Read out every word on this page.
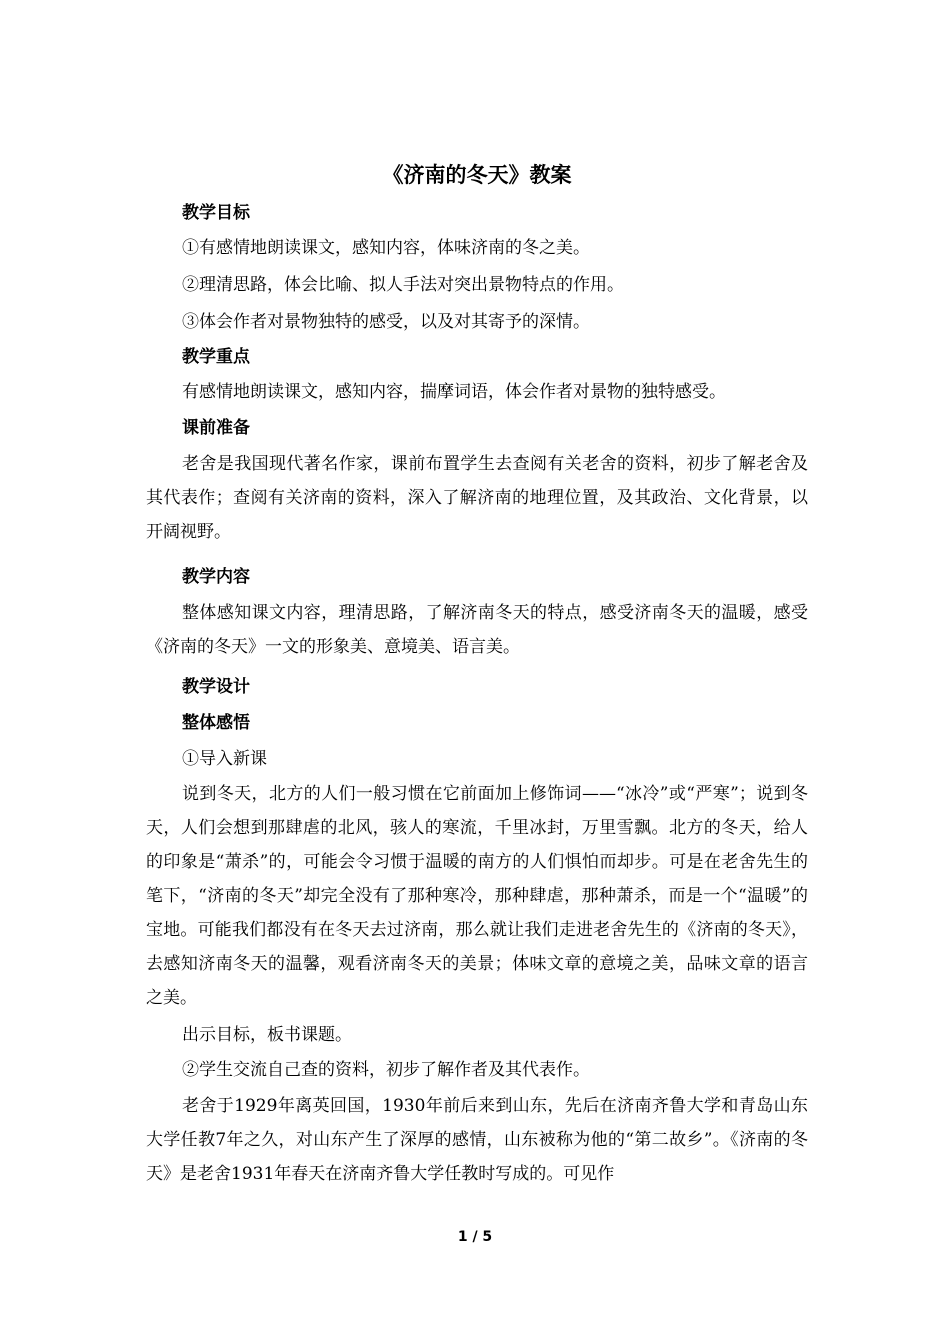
《济南的冬天》教案

教学目标

①有感情地朗读课文，感知内容，体味济南的冬之美。

②理清思路，体会比喻、拟人手法对突出景物特点的作用。

③体会作者对景物独特的感受，以及对其寄予的深情。

教学重点

有感情地朗读课文，感知内容，揣摩词语，体会作者对景物的独特感受。

课前准备

老舍是我国现代著名作家，课前布置学生去查阅有关老舍的资料，初步了解老舍及其代表作；查阅有关济南的资料，深入了解济南的地理位置，及其政治、文化背景，以开阔视野。

教学内容

整体感知课文内容，理清思路，了解济南冬天的特点，感受济南冬天的温暖，感受《济南的冬天》一文的形象美、意境美、语言美。

教学设计

整体感悟

①导入新课

说到冬天，北方的人们一般习惯在它前面加上修饰词——“冰冷”或“严寒”；说到冬天，人们会想到那肆虐的北风，骇人的寒流，千里冰封，万里雪飘。北方的冬天，给人的印象是“萧杀”的，可能会令习惯于温暖的南方的人们惧怕而却步。可是在老舍先生的笔下，“济南的冬天”却完全没有了那种寒冷，那种肆虐，那种萧杀，而是一个“温暖”的宝地。可能我们都没有在冬天去过济南，那么就让我们走进老舍先生的《济南的冬天》，去感知济南冬天的温馨，观看济南冬天的美景；体味文章的意境之美，品味文章的语言之美。

出示目标，板书课题。

②学生交流自己查的资料，初步了解作者及其代表作。

老舍于1929年离英回国，1930年前后来到山东，先后在济南齐鲁大学和青岛山东大学任教7年之久，对山东产生了深厚的感情，山东被称为他的“第二故乡”。《济南的冬天》是老舍1931年春天在济南齐鲁大学任教时写成的。可见作

1 / 5
